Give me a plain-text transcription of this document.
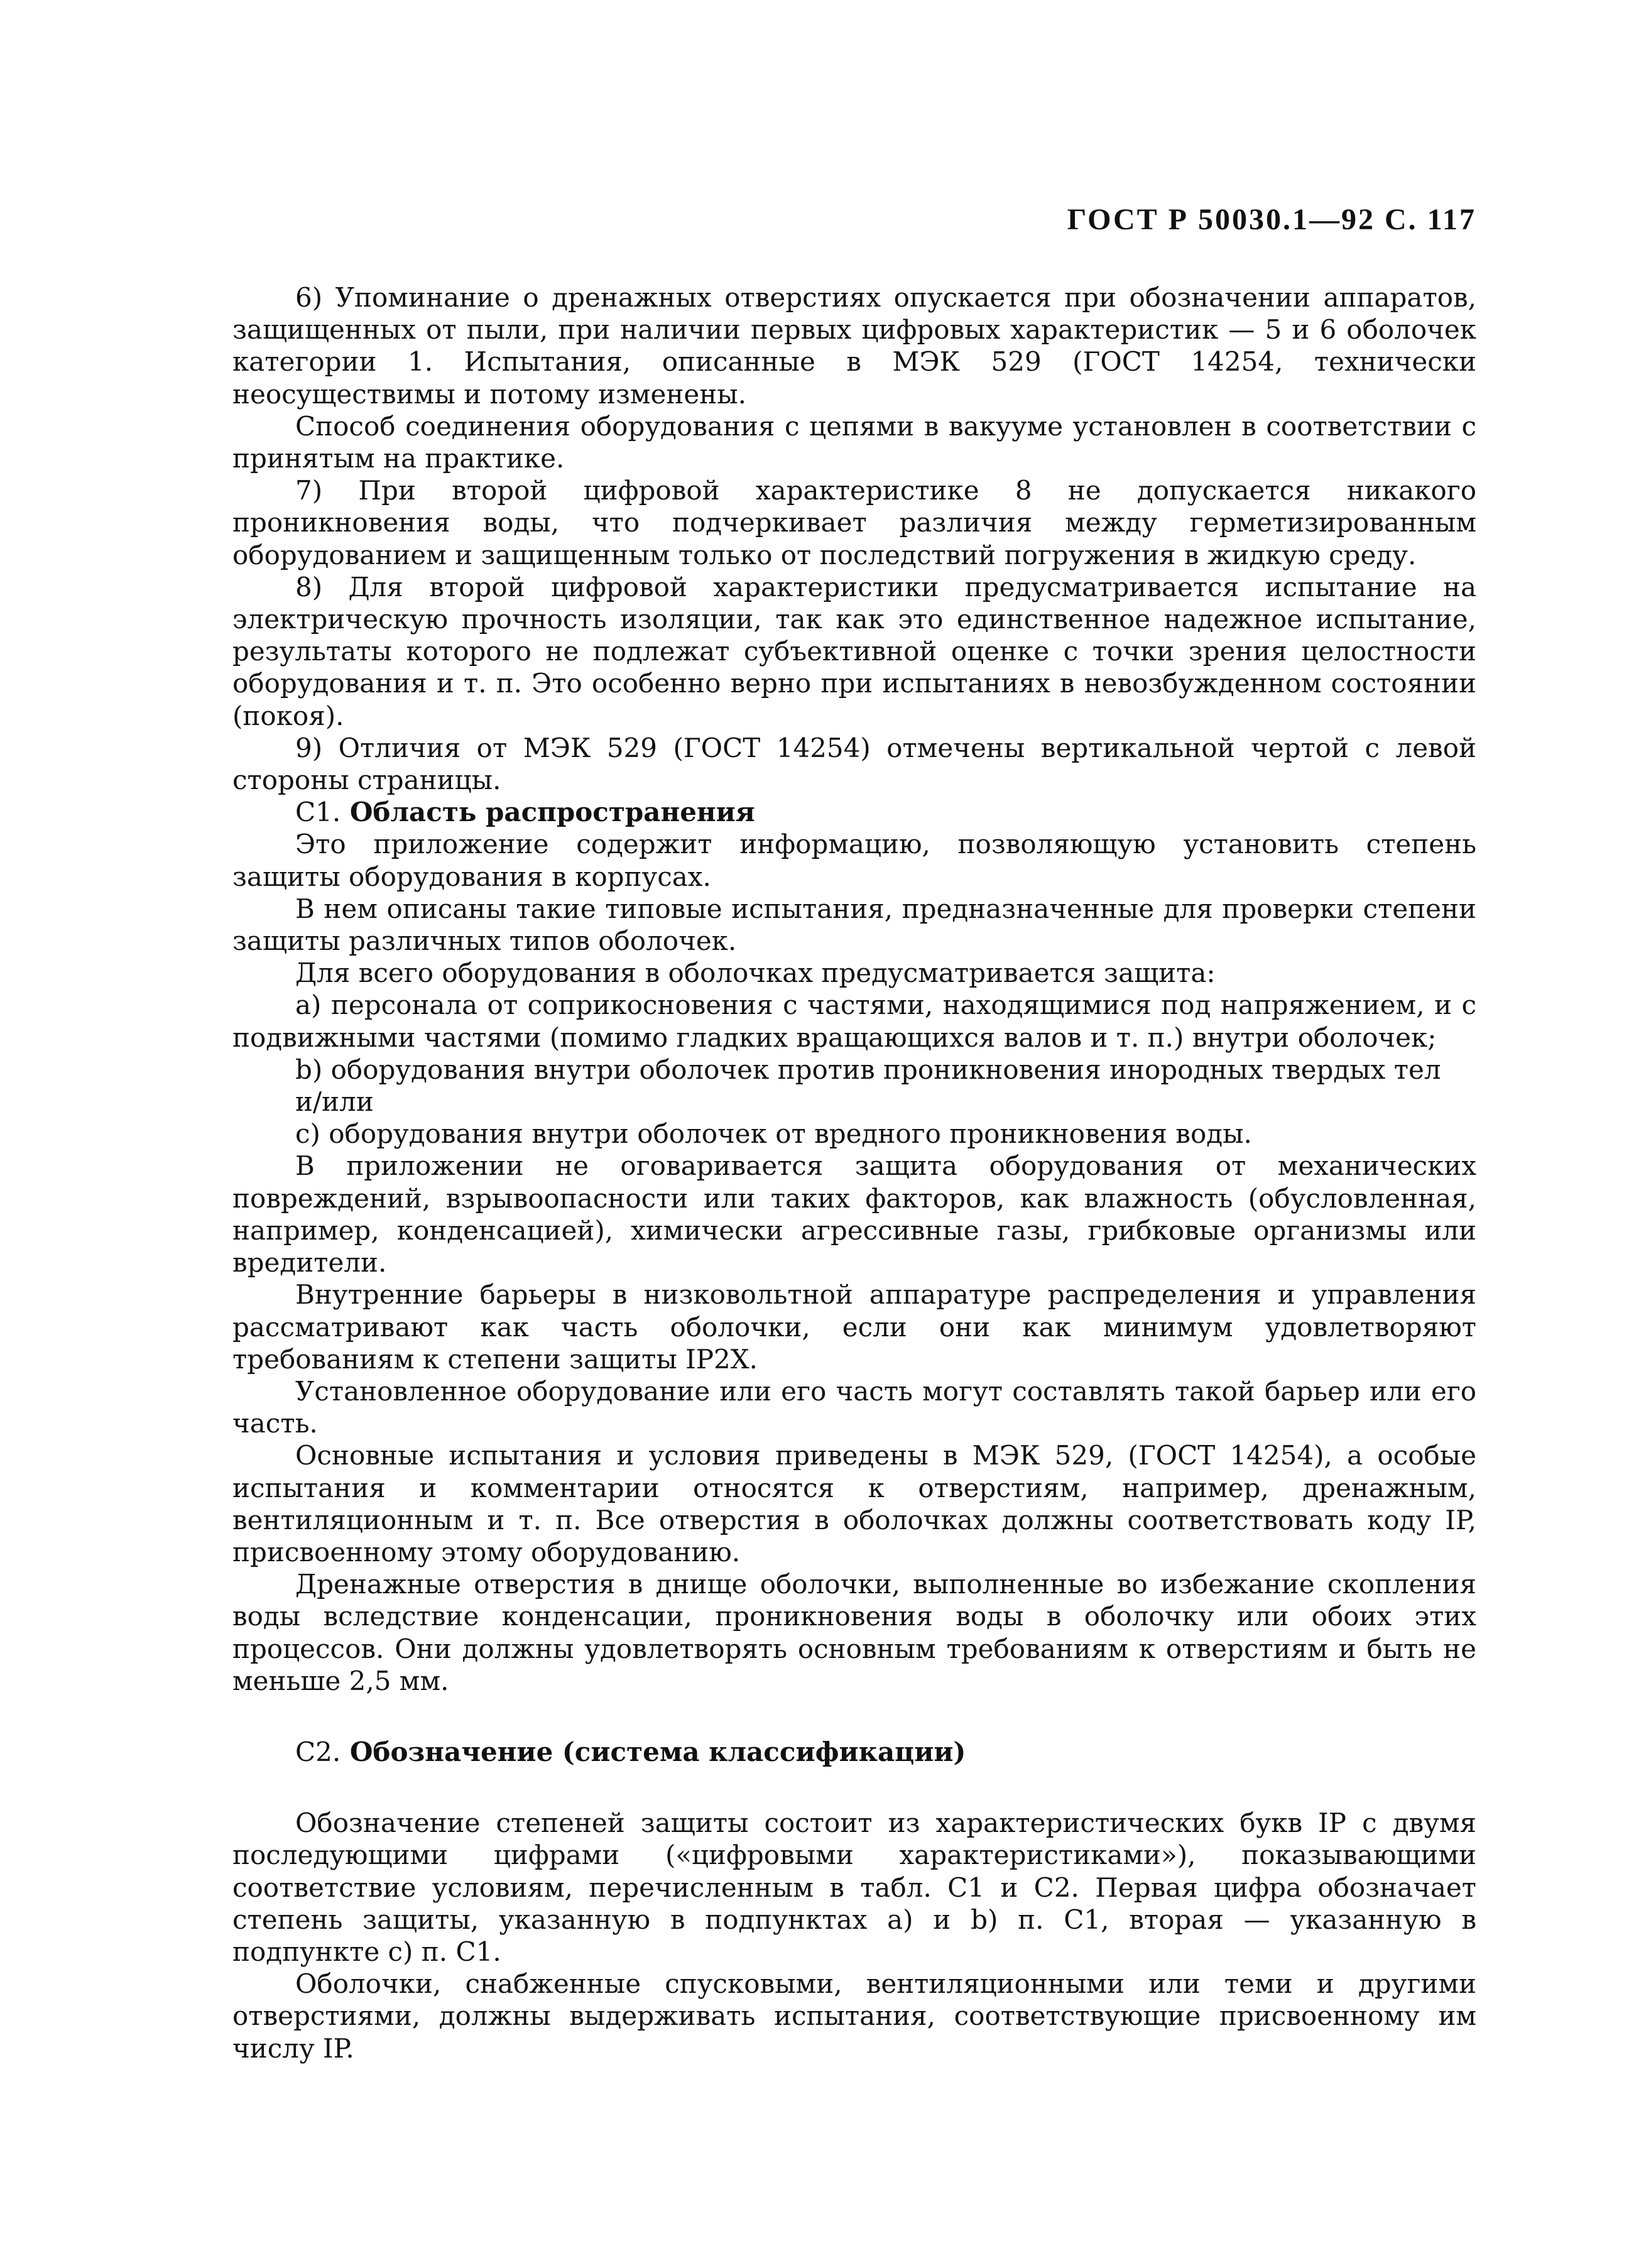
ГОСТ Р 50030.1—92 С. 117

6) Упоминание о дренажных отверстиях опускается при обозначении аппаратов, защищенных от пыли, при наличии первых цифровых характеристик — 5 и 6 оболочек категории 1. Испытания, описанные в МЭК 529 (ГОСТ 14254, технически неосуществимы и потому изменены.

Способ соединения оборудования с цепями в вакууме установлен в соответствии с принятым на практике.

7) При второй цифровой характеристике 8 не допускается никакого проникновения воды, что подчеркивает различия между герметизированным оборудованием и защищенным только от последствий погружения в жидкую среду.

8) Для второй цифровой характеристики предусматривается испытание на электрическую прочность изоляции, так как это единственное надежное испытание, результаты которого не подлежат субъективной оценке с точки зрения целостности оборудования и т. п. Это особенно верно при испытаниях в невозбужденном состоянии (покоя).

9) Отличия от МЭК 529 (ГОСТ 14254) отмечены вертикальной чертой с левой стороны страницы.

С1. Область распространения

Это приложение содержит информацию, позволяющую установить степень защиты оборудования в корпусах.

В нем описаны такие типовые испытания, предназначенные для проверки степени защиты различных типов оболочек.

Для всего оборудования в оболочках предусматривается защита:

а) персонала от соприкосновения с частями, находящимися под напряжением, и с подвижными частями (помимо гладких вращающихся валов и т. п.) внутри оболочек;

b) оборудования внутри оболочек против проникновения инородных твердых тел

и/или

с) оборудования внутри оболочек от вредного проникновения воды.

В приложении не оговаривается защита оборудования от механических повреждений, взрывоопасности или таких факторов, как влажность (обусловленная, например, конденсацией), химически агрессивные газы, грибковые организмы или вредители.

Внутренние барьеры в низковольтной аппаратуре распределения и управления рассматривают как часть оболочки, если они как минимум удовлетворяют требованиям к степени защиты IP2X.

Установленное оборудование или его часть могут составлять такой барьер или его часть.

Основные испытания и условия приведены в МЭК 529, (ГОСТ 14254), а особые испытания и комментарии относятся к отверстиям, например, дренажным, вентиляционным и т. п. Все отверстия в оболочках должны соответствовать коду IP, присвоенному этому оборудованию.

Дренажные отверстия в днище оболочки, выполненные во избежание скопления воды вследствие конденсации, проникновения воды в оболочку или обоих этих процессов. Они должны удовлетворять основным требованиям к отверстиям и быть не меньше 2,5 мм.

С2. Обозначение (система классификации)

Обозначение степеней защиты состоит из характеристических букв IP с двумя последующими цифрами («цифровыми характеристиками»), показывающими соответствие условиям, перечисленным в табл. С1 и С2. Первая цифра обозначает степень защиты, указанную в подпунктах а) и b) п. С1, вторая — указанную в подпункте с) п. С1.

Оболочки, снабженные спусковыми, вентиляционными или теми и другими отверстиями, должны выдерживать испытания, соответствующие присвоенному им числу IP.
